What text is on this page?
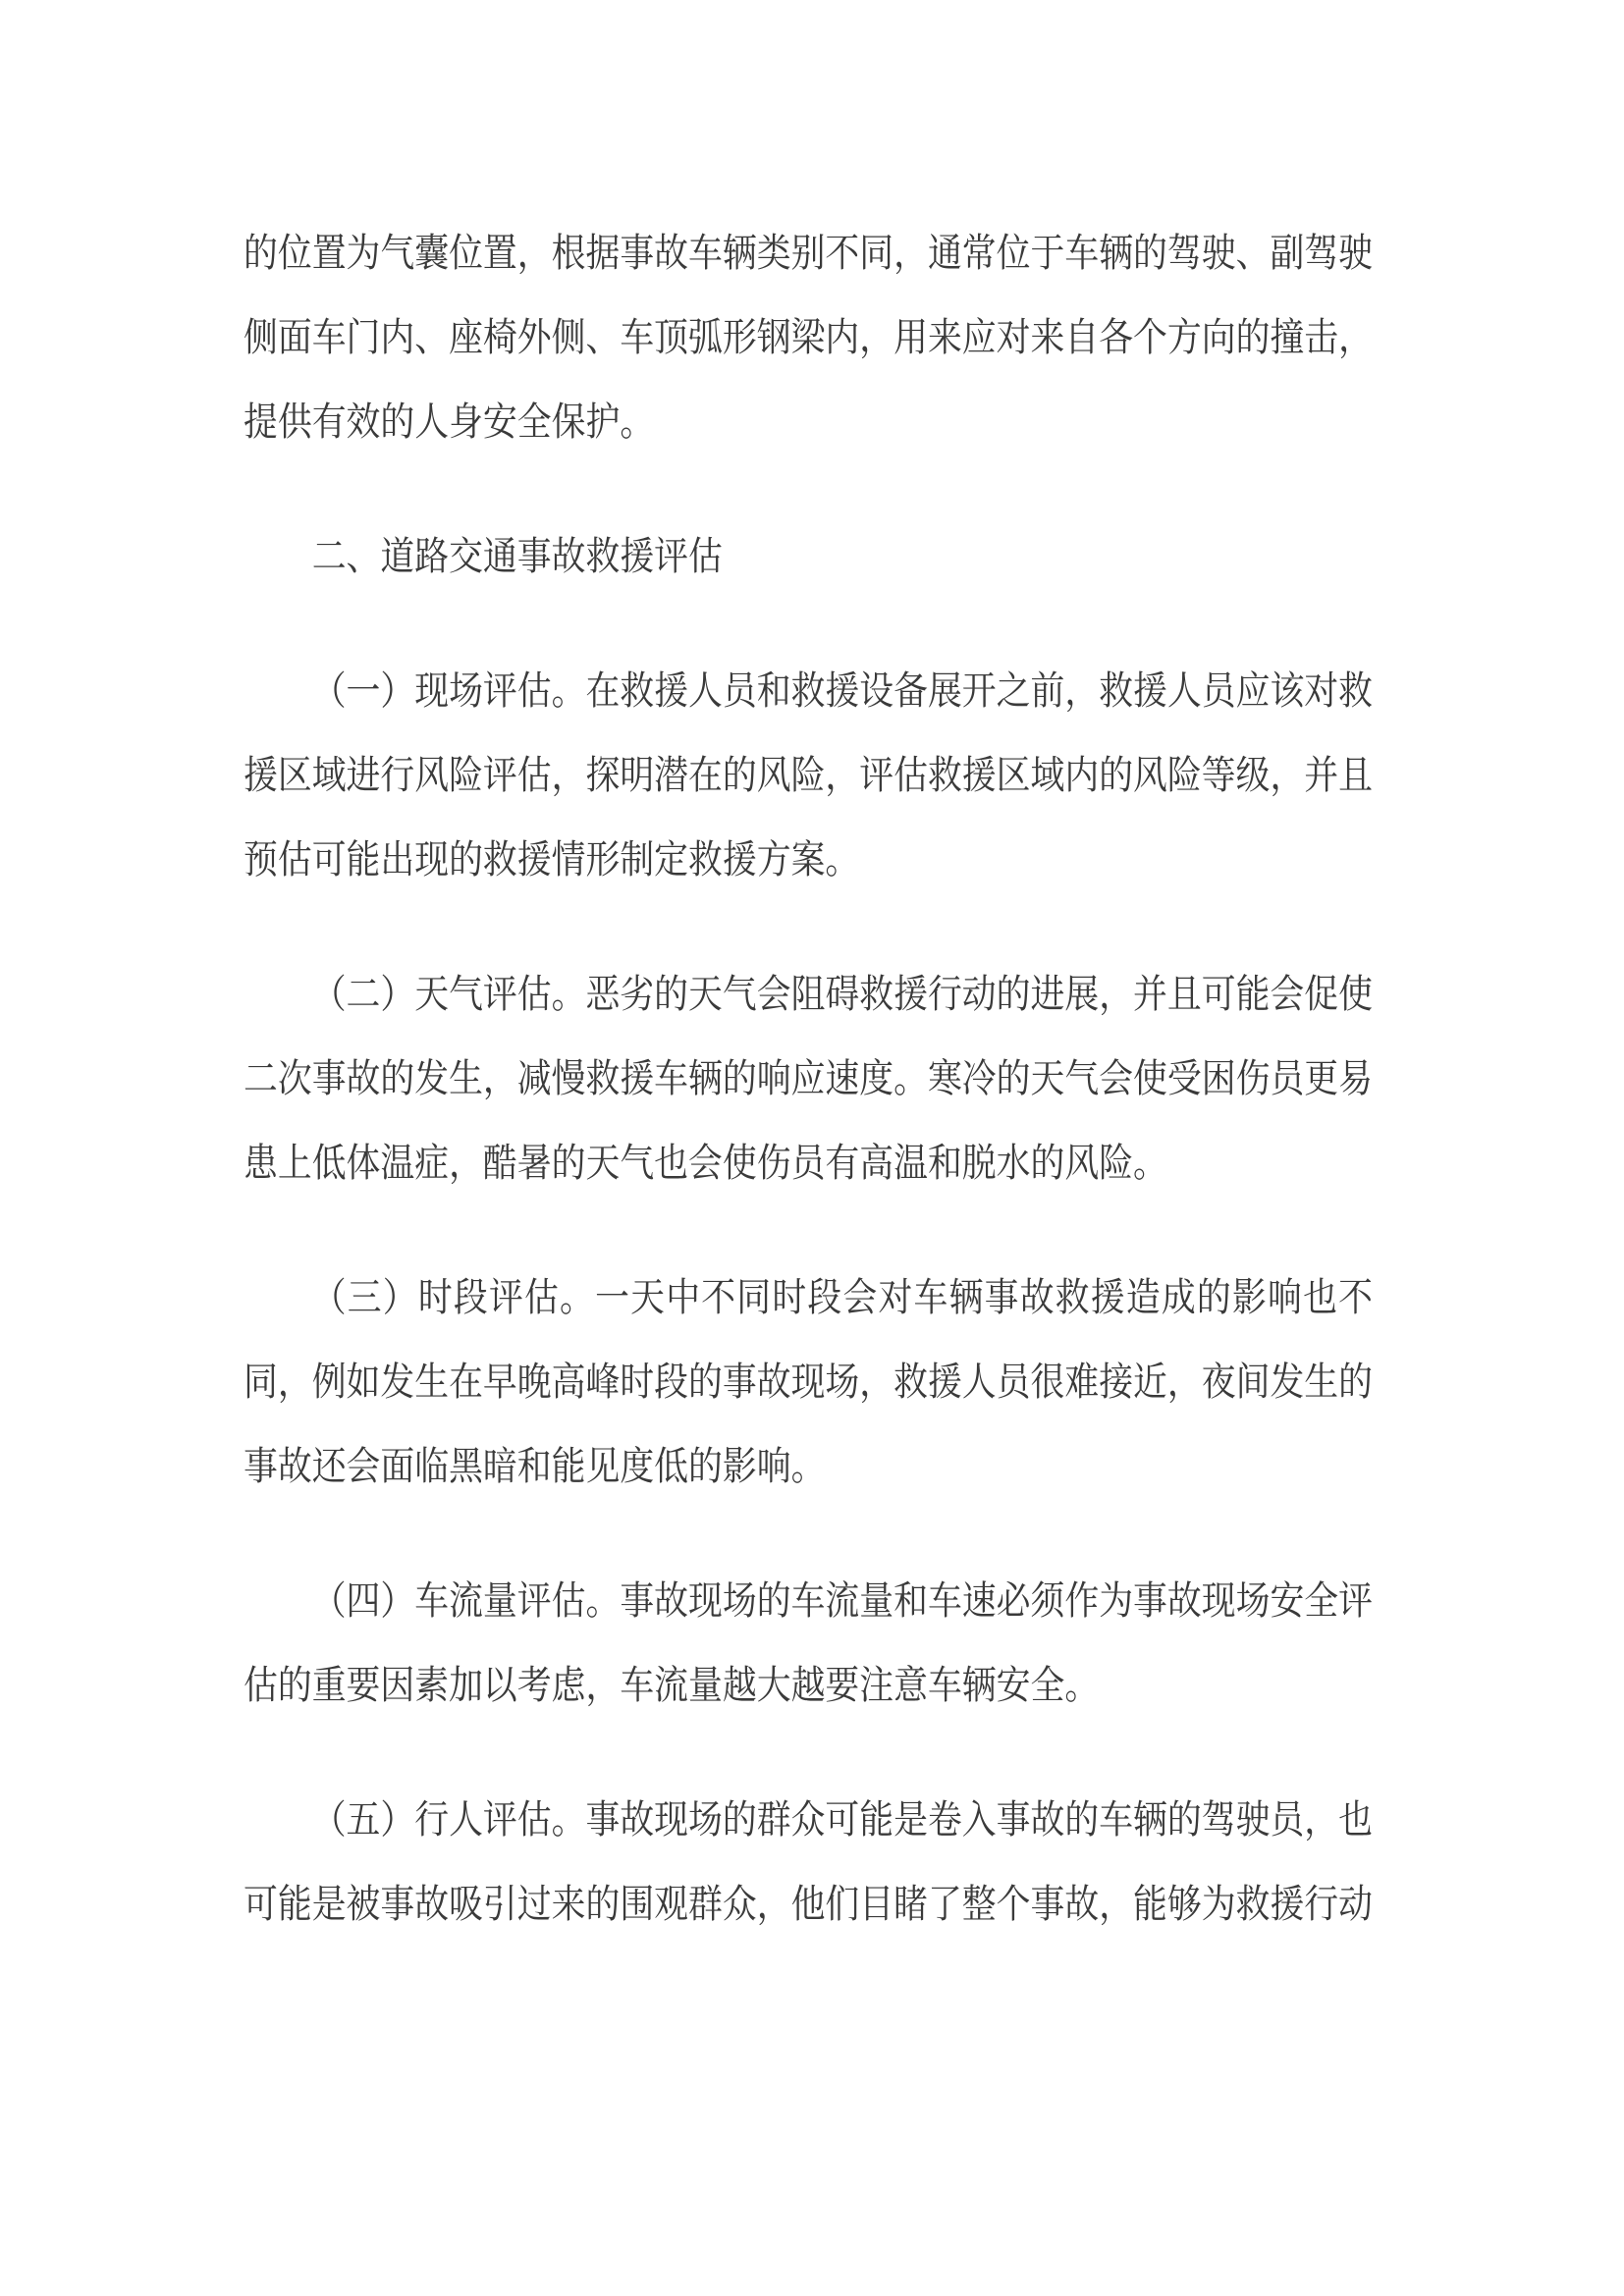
的位置为气囊位置，根据事故车辆类别不同，通常位于车辆的驾驶、副驾驶侧面车门内、座椅外侧、车顶弧形钢梁内，用来应对来自各个方向的撞击，提供有效的人身安全保护。

二、道路交通事故救援评估

（一）现场评估。在救援人员和救援设备展开之前，救援人员应该对救援区域进行风险评估，探明潜在的风险，评估救援区域内的风险等级，并且预估可能出现的救援情形制定救援方案。

（二）天气评估。恶劣的天气会阻碍救援行动的进展，并且可能会促使二次事故的发生，减慢救援车辆的响应速度。寒冷的天气会使受困伤员更易患上低体温症，酷暑的天气也会使伤员有高温和脱水的风险。

（三）时段评估。一天中不同时段会对车辆事故救援造成的影响也不同，例如发生在早晚高峰时段的事故现场，救援人员很难接近，夜间发生的事故还会面临黑暗和能见度低的影响。

（四）车流量评估。事故现场的车流量和车速必须作为事故现场安全评估的重要因素加以考虑，车流量越大越要注意车辆安全。

（五）行人评估。事故现场的群众可能是卷入事故的车辆的驾驶员，也可能是被事故吸引过来的围观群众，他们目睹了整个事故，能够为救援行动
